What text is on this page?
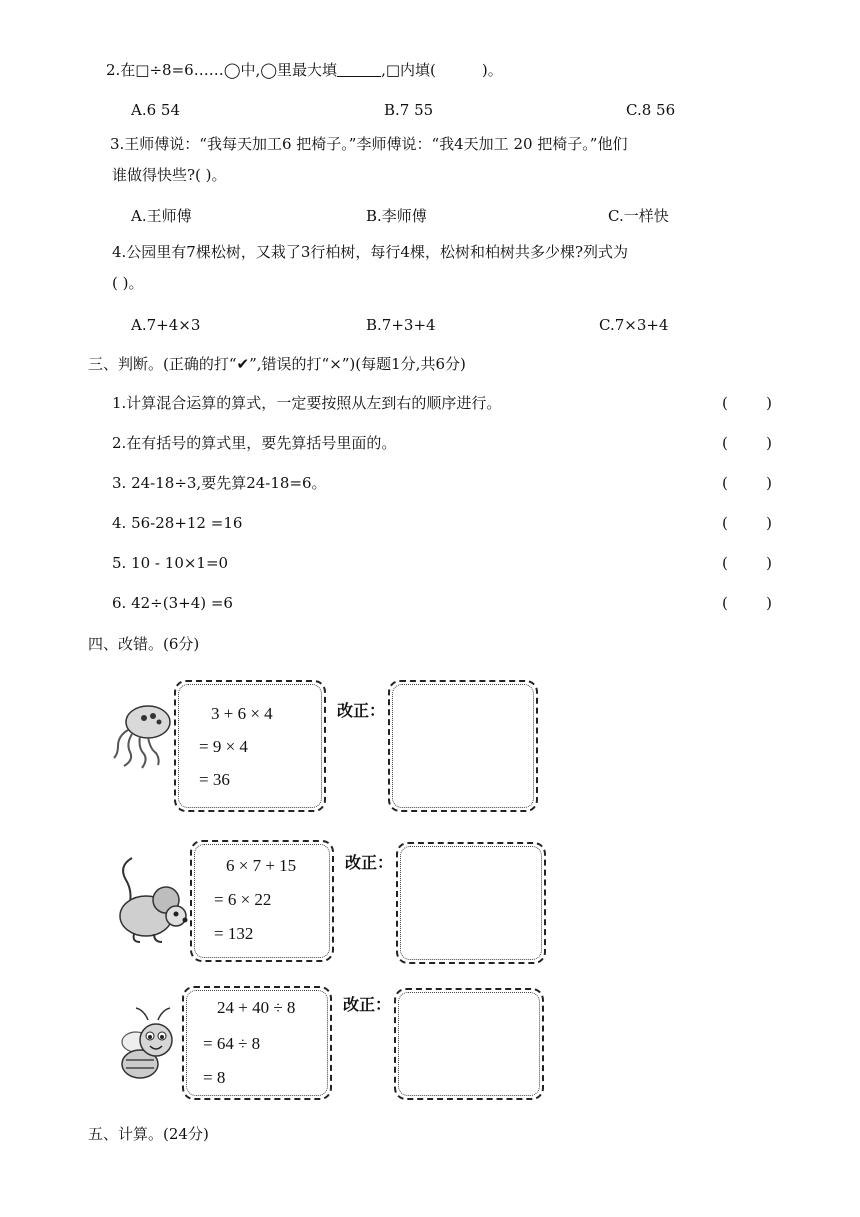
2.在□÷8=6……◯中,◯里最大填	,□内填(	)。
A.6 54	B.7 55	C.8 56
3.王师傅说：“我每天加工6 把椅子。”李师傅说：“我4天加工 20 把椅子。”他们
谁做得快些?( )。
A.王师傅	B.李师傅	C.一样快
4.公园里有7棵松树，又栽了3行柏树，每行4棵，松树和柏树共多少棵?列式为
( )。
A.7+4×3	B.7+3+4	C.7×3+4
三、判断。(正确的打“✔”,错误的打“×”)(每题1分,共6分)
1.计算混合运算的算式，一定要按照从左到右的顺序进行。	(	)
2.在有括号的算式里，要先算括号里面的。	(	)
3. 24-18÷3,要先算24-18=6。	(	)
4. 56-28+12 =16	(	)
5. 10 - 10×1=0	(	)
6. 42÷(3+4) =6	(	)
四、改错。(6分)
3 + 6 × 4
= 9 × 4
= 36
改正：
6 × 7 + 15
= 6 × 22
= 132
改正：
24 + 40 ÷ 8
= 64 ÷ 8
= 8
改正：
五、计算。(24分)
